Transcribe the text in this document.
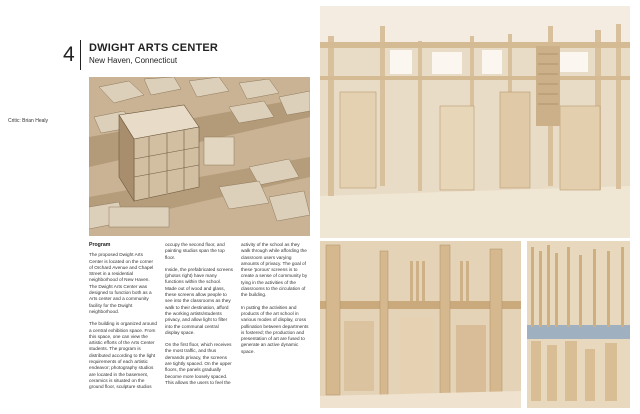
4 DWIGHT ARTS CENTER
New Haven, Connecticut
Critic: Brian Healy
Program

The proposed Dwight Arts Center is located on the corner of Orchard Avenue and Chapel Street in a residential neighborhood of New Haven. The Dwight Arts Center was designed to function both as a Arts center and a community facility for the Dwight neighborhood.

The building is organized around a central exhibition space. From this space, one can view the artistic efforts of the Arts Center students. The program is distributed according to the light requirements of each artistic endeavor; photography studios are located in the basement, ceramics is situated on the ground floor, sculpture studios

occupy the second floor, and painting studios span the top floor.

Inside, the prefabricated screens (photos right) have many functions within the school. Made out of wood and glass, these screens allow people to see into the classrooms as they walk to their destination, afford the working artists/students privacy, and allow light to filter into the communal central display space.

On the first floor, which receives the most traffic, and thus demands privacy, the screens are tightly spaced. On the upper floors, the panels gradually become more loosely spaced. This allows the users to feel the

activity of the school as they walk through while affording the classroom users varying amounts of privacy. The goal of these 'porous' screens is to create a sense of community by tying in the activities of the classrooms to the circulation of the building.

In putting the activities and products of the art school in various modes of display, cross pollination between departments is fostered; the production and presentation of art are fused to generate an active dynamic space.
